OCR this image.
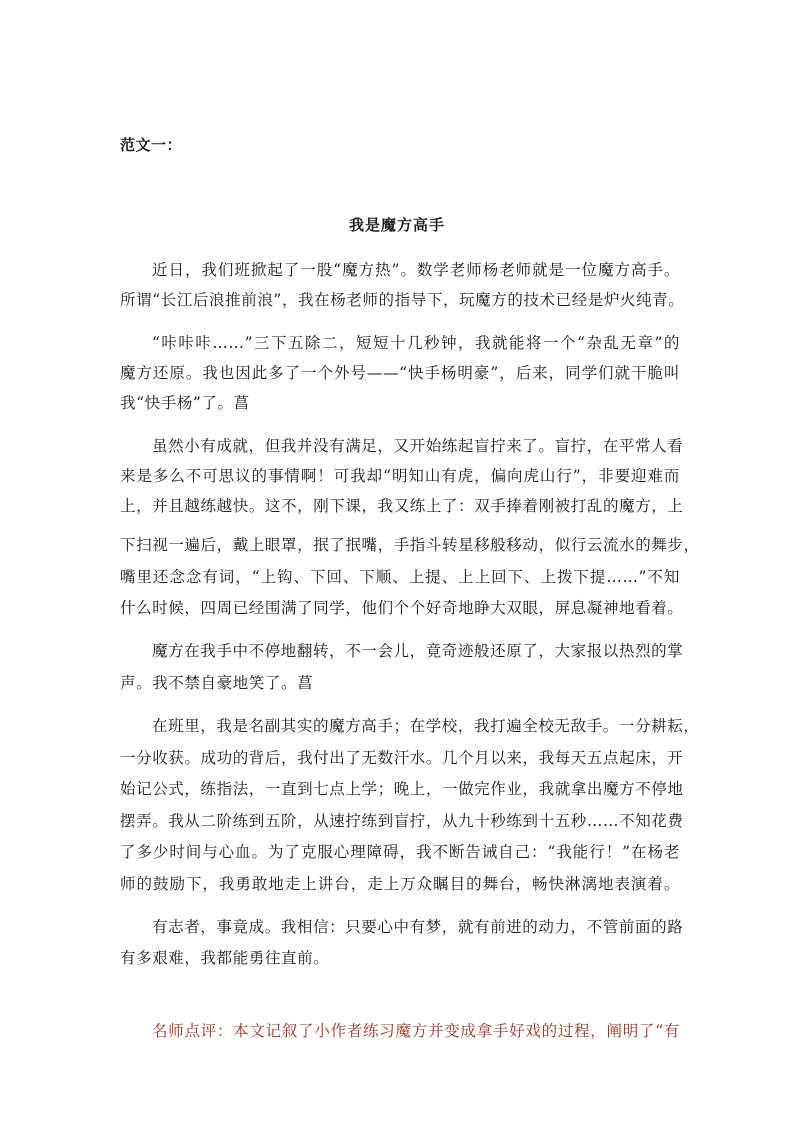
范文一：
我是魔方高手
近日，我们班掀起了一股“魔方热”。数学老师杨老师就是一位魔方高手。
所谓“长江后浪推前浪”，我在杨老师的指导下，玩魔方的技术已经是炉火纯青。
“咔咔咔……”三下五除二，短短十几秒钟，我就能将一个“杂乱无章”的
魔方还原。我也因此多了一个外号——“快手杨明豪”，后来，同学们就干脆叫
我“快手杨”了。菖
虽然小有成就，但我并没有满足，又开始练起盲拧来了。盲拧，在平常人看
来是多么不可思议的事情啊！可我却“明知山有虎，偏向虎山行”，非要迎难而
上，并且越练越快。这不，刚下课，我又练上了：双手捧着刚被打乱的魔方，上
下扫视一遍后，戴上眼罩，抿了抿嘴，手指斗转星移般移动，似行云流水的舞步，
嘴里还念念有词，“上钩、下回、下顺、上提、上上回下、上拨下提……”不知
什么时候，四周已经围满了同学，他们个个好奇地睁大双眼，屏息凝神地看着。
魔方在我手中不停地翻转，不一会儿，竟奇迹般还原了，大家报以热烈的掌
声。我不禁自豪地笑了。菖
在班里，我是名副其实的魔方高手；在学校，我打遍全校无敌手。一分耕耘，
一分收获。成功的背后，我付出了无数汗水。几个月以来，我每天五点起床，开
始记公式，练指法，一直到七点上学；晚上，一做完作业，我就拿出魔方不停地
摆弄。我从二阶练到五阶，从速拧练到盲拧，从九十秒练到十五秒……不知花费
了多少时间与心血。为了克服心理障碍，我不断告诫自己：“我能行！”在杨老
师的鼓励下，我勇敢地走上讲台，走上万众瞩目的舞台，畅快淋漓地表演着。
有志者，事竟成。我相信：只要心中有梦，就有前进的动力，不管前面的路
有多艰难，我都能勇往直前。
名师点评：本文记叙了小作者练习魔方并变成拿手好戏的过程，阐明了“有
